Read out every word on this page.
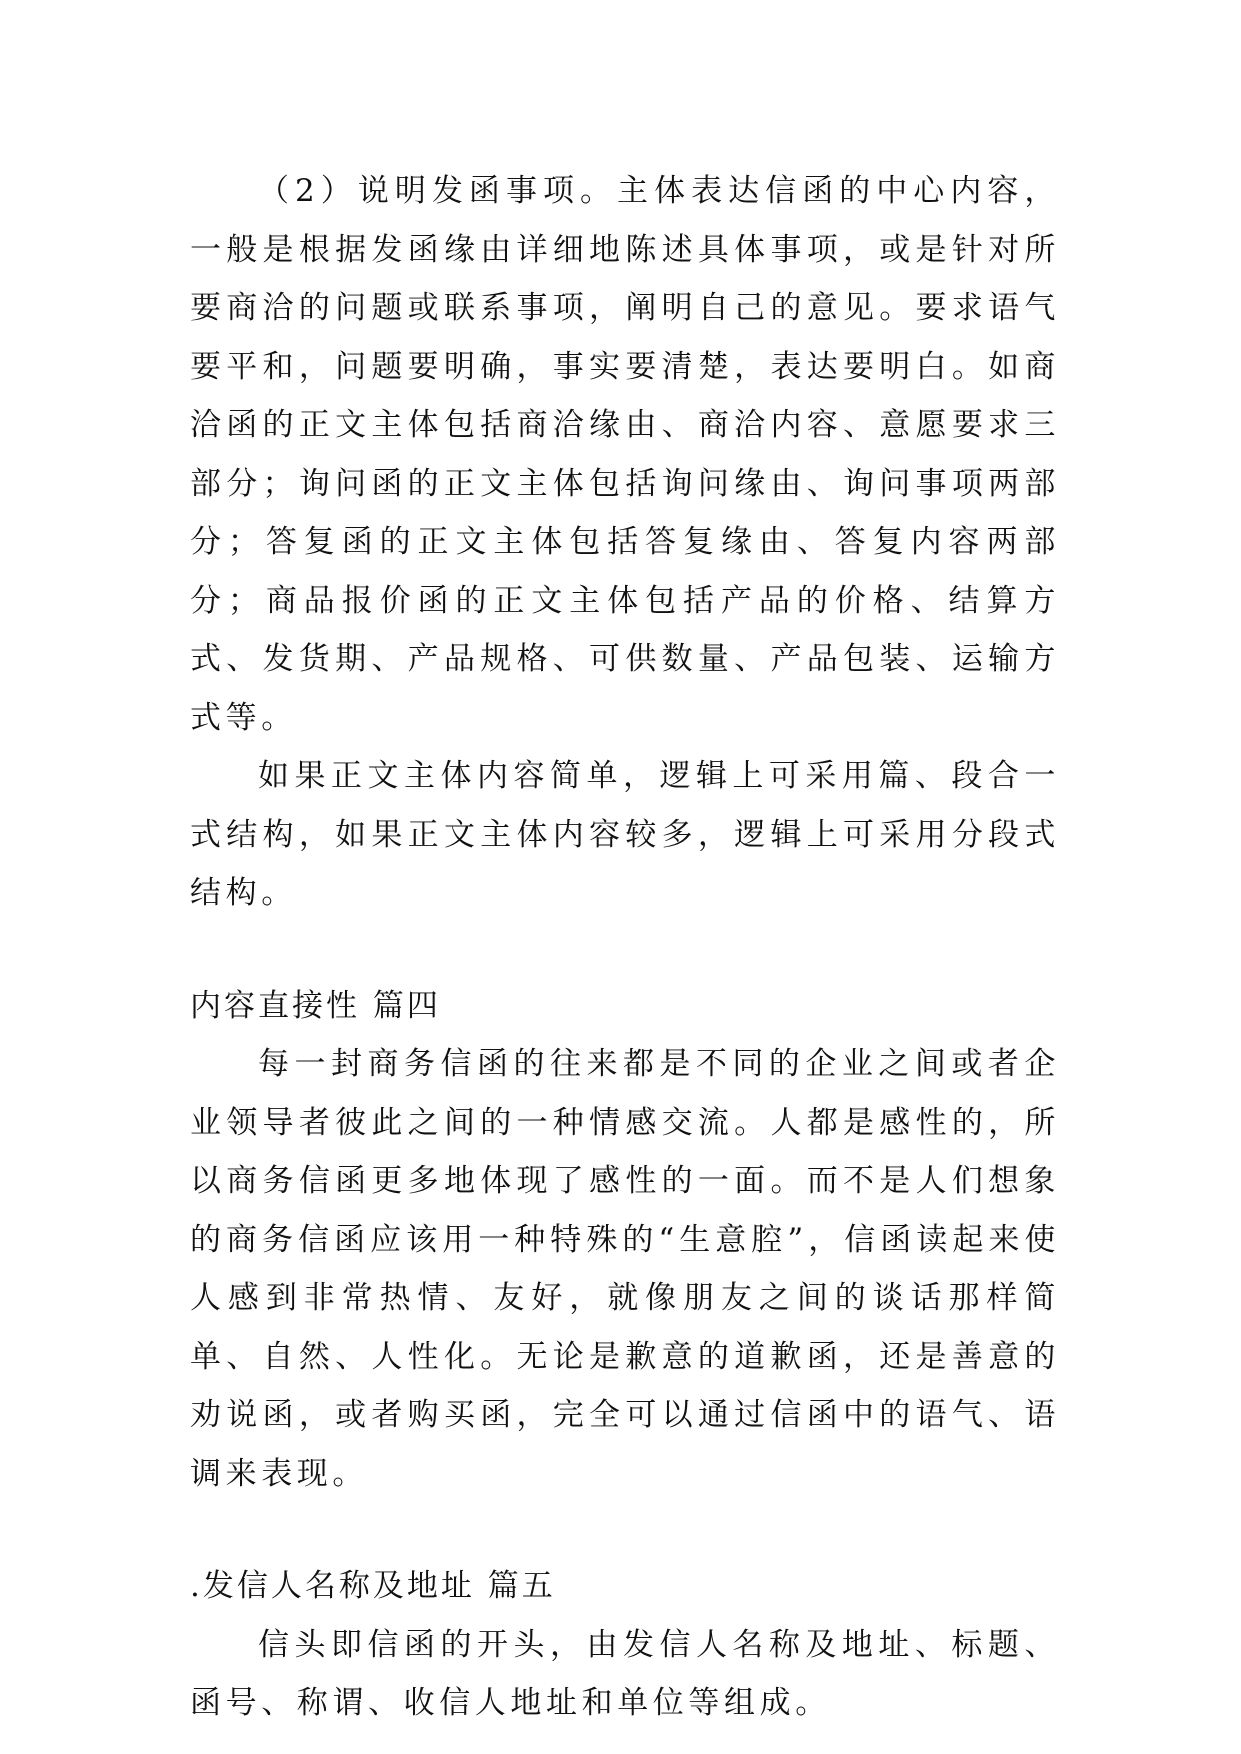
（2）说明发函事项。主体表达信函的中心内容，一般是根据发函缘由详细地陈述具体事项，或是针对所要商洽的问题或联系事项，阐明自己的意见。要求语气要平和，问题要明确，事实要清楚，表达要明白。如商洽函的正文主体包括商洽缘由、商洽内容、意愿要求三部分；询问函的正文主体包括询问缘由、询问事项两部分；答复函的正文主体包括答复缘由、答复内容两部分；商品报价函的正文主体包括产品的价格、结算方式、发货期、产品规格、可供数量、产品包装、运输方式等。

如果正文主体内容简单，逻辑上可采用篇、段合一式结构，如果正文主体内容较多，逻辑上可采用分段式结构。

内容直接性 篇四

每一封商务信函的往来都是不同的企业之间或者企业领导者彼此之间的一种情感交流。人都是感性的，所以商务信函更多地体现了感性的一面。而不是人们想象的商务信函应该用一种特殊的“生意腔”，信函读起来使人感到非常热情、友好，就像朋友之间的谈话那样简单、自然、人性化。无论是歉意的道歉函，还是善意的劝说函，或者购买函，完全可以通过信函中的语气、语调来表现。

.发信人名称及地址 篇五

信头即信函的开头，由发信人名称及地址、标题、函号、称谓、收信人地址和单位等组成。
